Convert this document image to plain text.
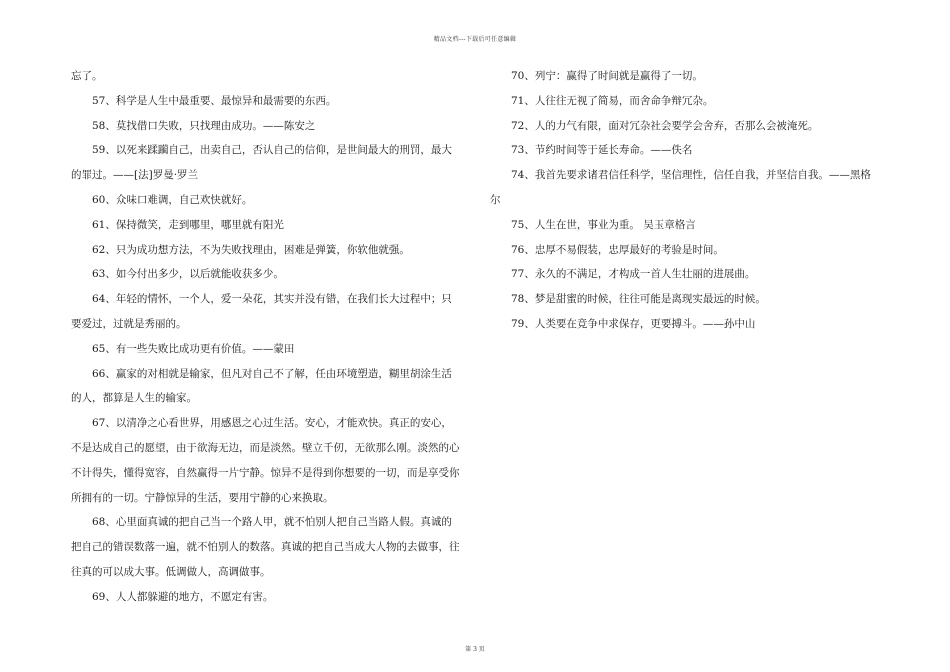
精品文档---下载后可任意编辑

忘了。

57、科学是人生中最重要、最惊异和最需要的东西。

58、莫找借口失败，只找理由成功。——陈安之

59、以死来蹂躏自己，出卖自己，否认自己的信仰，是世间最大的刑罚，最大的罪过。——[法]罗曼·罗兰

60、众味口难调，自己欢快就好。

61、保持微笑，走到哪里，哪里就有阳光

62、只为成功想方法，不为失败找理由，困难是弹簧，你软他就强。

63、如今付出多少，以后就能收获多少。

64、年轻的情怀，一个人，爱一朵花，其实并没有错，在我们长大过程中；只要爱过，过就是秀丽的。

65、有一些失败比成功更有价值。——蒙田

66、赢家的对相就是输家，但凡对自己不了解，任由环境塑造，糊里胡涂生活的人，都算是人生的输家。

67、以清净之心看世界，用感恩之心过生活。安心，才能欢快。真正的安心，不是达成自己的愿望，由于欲海无边，而是淡然。壁立千仞，无欲那么刚。淡然的心不计得失，懂得宽容，自然赢得一片宁静。惊异不是得到你想要的一切，而是享受你所拥有的一切。宁静惊异的生活，要用宁静的心来换取。

68、心里面真诚的把自己当一个路人甲，就不怕别人把自己当路人假。真诚的把自己的错误数落一遍，就不怕别人的数落。真诚的把自己当成大人物的去做事，往往真的可以成大事。低调做人，高调做事。

69、人人都躲避的地方，不愿定有害。

70、列宁：赢得了时间就是赢得了一切。

71、人往往无视了简易，而舍命争辩冗杂。

72、人的力气有限，面对冗杂社会要学会舍弃，否那么会被淹死。

73、节约时间等于延长寿命。——佚名

74、我首先要求诸君信任科学，坚信理性，信任自我，并坚信自我。——黑格尔

75、人生在世，事业为重。 吴玉章格言

76、忠厚不易假装，忠厚最好的考验是时间。

77、永久的不满足，才构成一首人生壮丽的进展曲。

78、梦是甜蜜的时候，往往可能是离现实最远的时候。

79、人类要在竞争中求保存，更要搏斗。——孙中山

第 3 页
